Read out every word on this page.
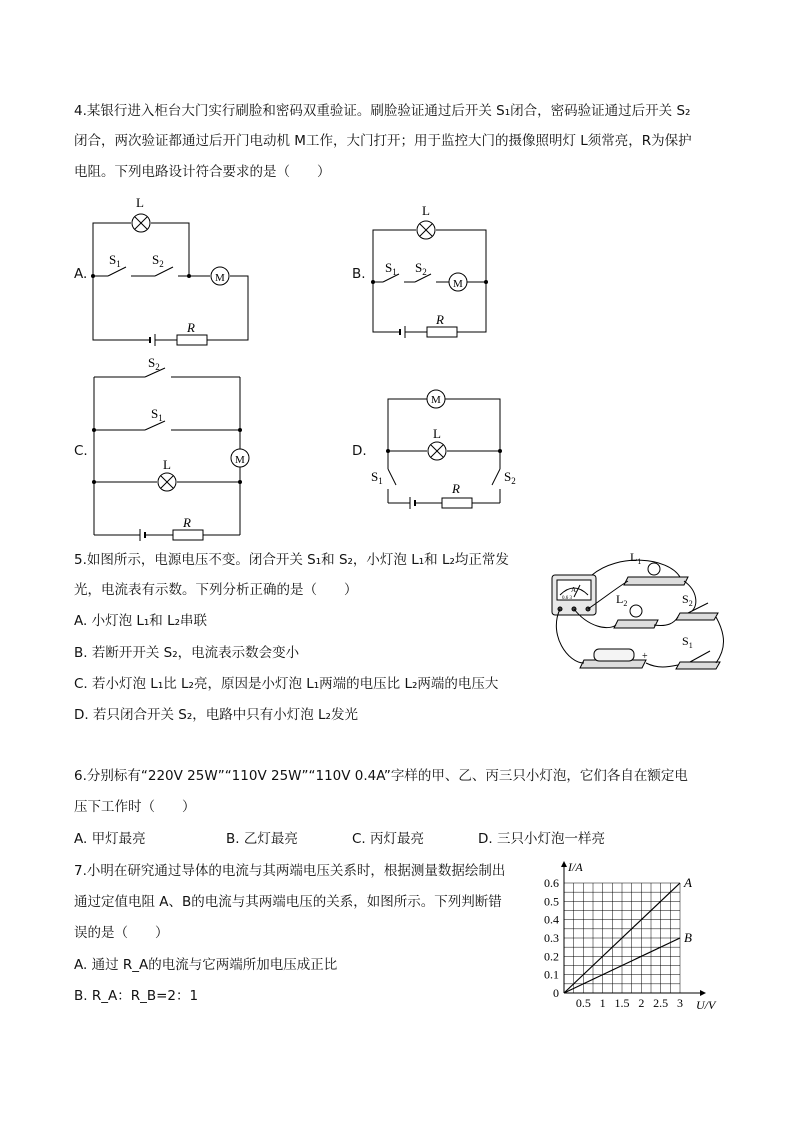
4.某银行进入柜台大门实行刷脸和密码双重验证。刷脸验证通过后开关 S₁闭合，密码验证通过后开关 S₂
闭合，两次验证都通过后开门电动机 M工作，大门打开；用于监控大门的摄像照明灯 L须常亮，R为保护
电阻。下列电路设计符合要求的是（　　）
A.
L
M
$S_1$ $S_2$
R
B.
L
M
$S_1$ $S_2$
R
C.
$S_2$
$S_1$
L	M
R
D.
M
L
$S_1$	$S_2$
R
5.如图所示，电源电压不变。闭合开关 S₁和 S₂，小灯泡 L₁和 L₂均正常发
光，电流表有示数。下列分析正确的是（　　）
A. 小灯泡 L₁和 L₂串联
B. 若断开开关 S₂，电流表示数会变小
C. 若小灯泡 L₁比 L₂亮，原因是小灯泡 L₁两端的电压比 L₂两端的电压大
D. 若只闭合开关 S₂，电路中只有小灯泡 L₂发光
$L_1$
$L_2$	$S_2$
$S_1$
+
A
0.6 3
6.分别标有“220V 25W”“110V 25W”“110V 0.4A”字样的甲、乙、丙三只小灯泡，它们各自在额定电
压下工作时（　　）
A. 甲灯最亮	B. 乙灯最亮	C. 丙灯最亮	D. 三只小灯泡一样亮
7.小明在研究通过导体的电流与其两端电压关系时，根据测量数据绘制出
通过定值电阻 A、B的电流与其两端电压的关系，如图所示。下列判断错
误的是（　　）
A. 通过 R_A的电流与它两端所加电压成正比
B. R_A：R_B=2：1	0.5 1 1.5 2 2.5 3
0.1
0.2
0.3
0.4
0.5
0.6
0
U/V
I/A
A
B
